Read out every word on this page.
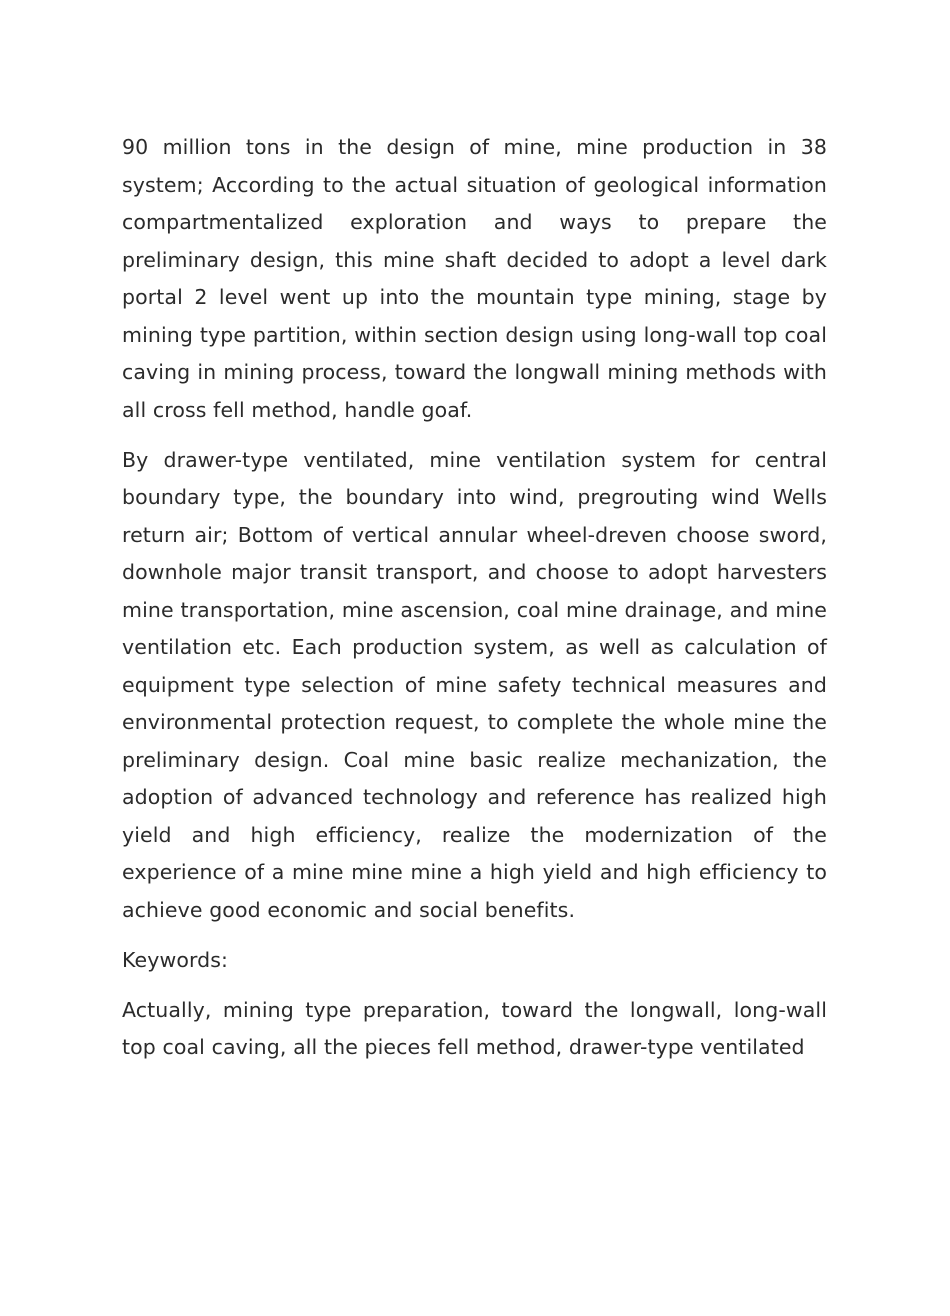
90 million tons in the design of mine, mine production in 38 system; According to the actual situation of geological information compartmentalized exploration and ways to prepare the preliminary design, this mine shaft decided to adopt a level dark portal 2 level went up into the mountain type mining, stage by mining type partition, within section design using long-wall top coal caving in mining process, toward the longwall mining methods with all cross fell method, handle goaf.

By drawer-type ventilated, mine ventilation system for central boundary type, the boundary into wind, pregrouting wind Wells return air; Bottom of vertical annular wheel-dreven choose sword, downhole major transit transport, and choose to adopt harvesters mine transportation, mine ascension, coal mine drainage, and mine ventilation etc. Each production system, as well as calculation of equipment type selection of mine safety technical measures and environmental protection request, to complete the whole mine the preliminary design. Coal mine basic realize mechanization, the adoption of advanced technology and reference has realized high yield and high efficiency, realize the modernization of the experience of a mine mine mine a high yield and high efficiency to achieve good economic and social benefits.

Keywords:

Actually, mining type preparation, toward the longwall, long-wall top coal caving, all the pieces fell method, drawer-type ventilated
